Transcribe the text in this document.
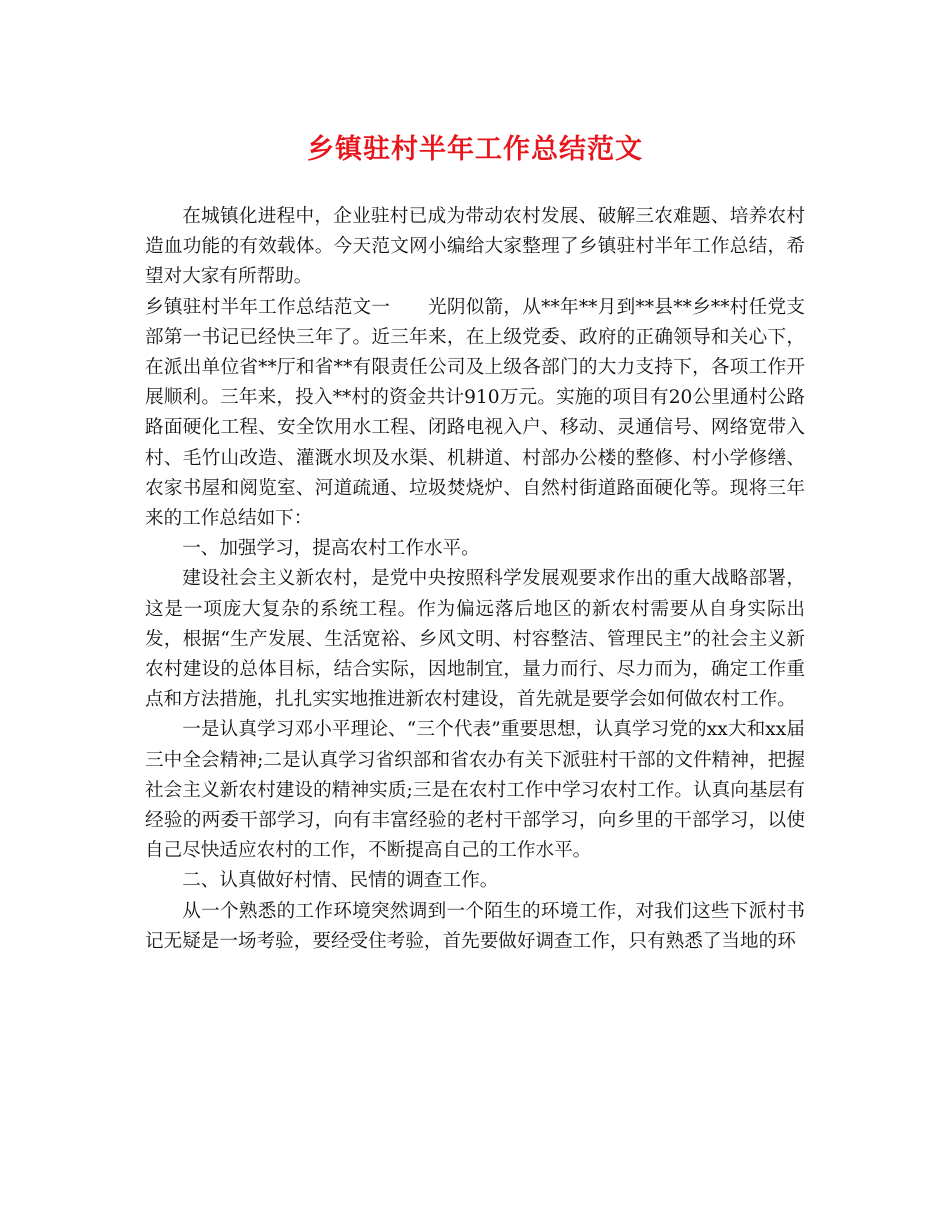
乡镇驻村半年工作总结范文

在城镇化进程中，企业驻村已成为带动农村发展、破解三农难题、培养农村造血功能的有效载体。今天范文网小编给大家整理了乡镇驻村半年工作总结，希望对大家有所帮助。

乡镇驻村半年工作总结范文一　　光阴似箭，从**年**月到**县**乡**村任党支部第一书记已经快三年了。近三年来，在上级党委、政府的正确领导和关心下，在派出单位省**厅和省**有限责任公司及上级各部门的大力支持下，各项工作开展顺利。三年来，投入**村的资金共计910万元。实施的项目有20公里通村公路路面硬化工程、安全饮用水工程、闭路电视入户、移动、灵通信号、网络宽带入村、毛竹山改造、灌溉水坝及水渠、机耕道、村部办公楼的整修、村小学修缮、农家书屋和阅览室、河道疏通、垃圾焚烧炉、自然村街道路面硬化等。现将三年来的工作总结如下：

一、加强学习，提高农村工作水平。

建设社会主义新农村，是党中央按照科学发展观要求作出的重大战略部署，这是一项庞大复杂的系统工程。作为偏远落后地区的新农村需要从自身实际出发，根据“生产发展、生活宽裕、乡风文明、村容整洁、管理民主”的社会主义新农村建设的总体目标，结合实际，因地制宜，量力而行、尽力而为，确定工作重点和方法措施，扎扎实实地推进新农村建设，首先就是要学会如何做农村工作。

一是认真学习邓小平理论、“三个代表”重要思想，认真学习党的xx大和xx届三中全会精神;二是认真学习省织部和省农办有关下派驻村干部的文件精神，把握社会主义新农村建设的精神实质;三是在农村工作中学习农村工作。认真向基层有经验的两委干部学习，向有丰富经验的老村干部学习，向乡里的干部学习，以使自己尽快适应农村的工作，不断提高自己的工作水平。

二、认真做好村情、民情的调查工作。

从一个熟悉的工作环境突然调到一个陌生的环境工作，对我们这些下派村书记无疑是一场考验，要经受住考验，首先要做好调查工作，只有熟悉了当地的环
